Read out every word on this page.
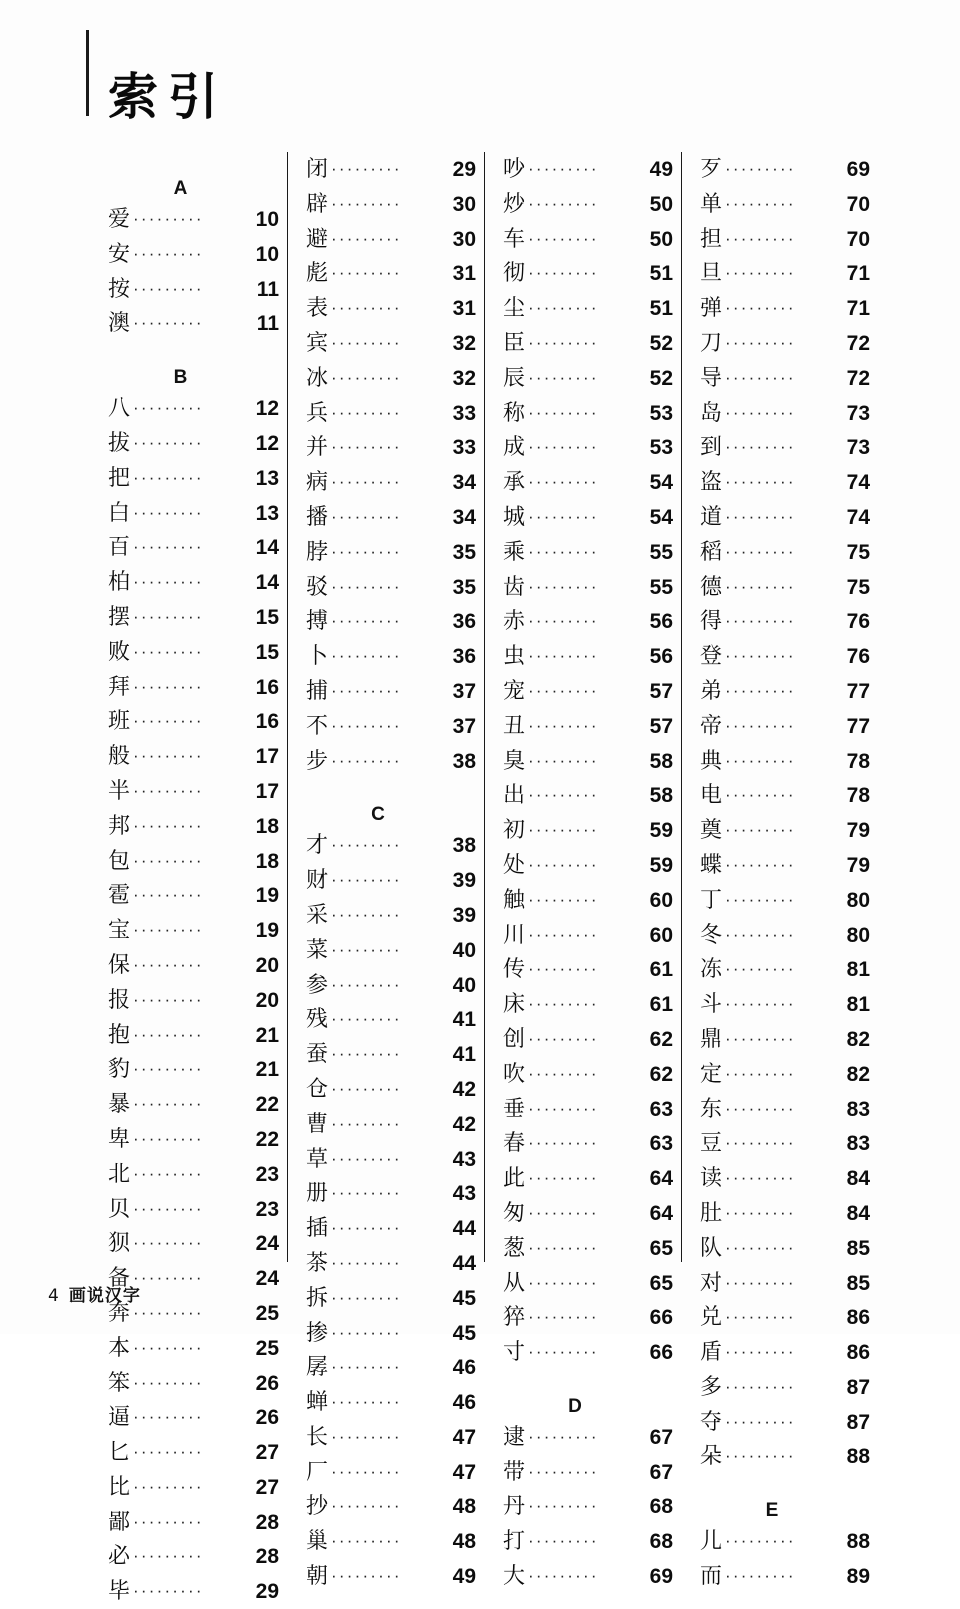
索引
A
爱 ·········	10
安 ·········	10
按 ·········	11
澳 ·········	11
B
八 ·········	12
拔 ·········	12
把 ·········	13
白 ·········	13
百 ·········	14
柏 ·········	14
摆 ·········	15
败 ·········	15
拜 ·········	16
班 ·········	16
般 ·········	17
半 ·········	17
邦 ·········	18
包 ·········	18
雹 ·········	19
宝 ·········	19
保 ·········	20
报 ·········	20
抱 ·········	21
豹 ·········	21
暴 ·········	22
卑 ·········	22
北 ·········	23
贝 ·········	23
狈 ·········	24
备 ·········	24
奔 ·········	25
本 ·········	25
笨 ·········	26
逼 ·········	26
匕 ·········	27
比 ·········	27
鄙 ·········	28
必 ·········	28
毕 ·········	29
闭 ·········	29
辟 ·········	30
避 ·········	30
彪 ·········	31
表 ·········	31
宾 ·········	32
冰 ·········	32
兵 ·········	33
并 ·········	33
病 ·········	34
播 ·········	34
脖 ·········	35
驳 ·········	35
搏 ·········	36
卜 ·········	36
捕 ·········	37
不 ·········	37
步 ·········	38
C
才 ·········	38
财 ·········	39
采 ·········	39
菜 ·········	40
参 ·········	40
残 ·········	41
蚕 ·········	41
仓 ·········	42
曹 ·········	42
草 ·········	43
册 ·········	43
插 ·········	44
茶 ·········	44
拆 ·········	45
掺 ·········	45
孱 ·········	46
蝉 ·········	46
长 ·········	47
厂 ·········	47
抄 ·········	48
巢 ·········	48
朝 ·········	49
吵 ·········	49
炒 ·········	50
车 ·········	50
彻 ·········	51
尘 ·········	51
臣 ·········	52
辰 ·········	52
称 ·········	53
成 ·········	53
承 ·········	54
城 ·········	54
乘 ·········	55
齿 ·········	55
赤 ·········	56
虫 ·········	56
宠 ·········	57
丑 ·········	57
臭 ·········	58
出 ·········	58
初 ·········	59
处 ·········	59
触 ·········	60
川 ·········	60
传 ·········	61
床 ·········	61
创 ·········	62
吹 ·········	62
垂 ·········	63
春 ·········	63
此 ·········	64
匆 ·········	64
葱 ·········	65
从 ·········	65
猝 ·········	66
寸 ·········	66
D
逮 ·········	67
带 ·········	67
丹 ·········	68
打 ·········	68
大 ·········	69
歹 ·········	69
单 ·········	70
担 ·········	70
旦 ·········	71
弹 ·········	71
刀 ·········	72
导 ·········	72
岛 ·········	73
到 ·········	73
盗 ·········	74
道 ·········	74
稻 ·········	75
德 ·········	75
得 ·········	76
登 ·········	76
弟 ·········	77
帝 ·········	77
典 ·········	78
电 ·········	78
奠 ·········	79
蝶 ·········	79
丁 ·········	80
冬 ·········	80
冻 ·········	81
斗 ·········	81
鼎 ·········	82
定 ·········	82
东 ·········	83
豆 ·········	83
读 ·········	84
肚 ·········	84
队 ·········	85
对 ·········	85
兑 ·········	86
盾 ·········	86
多 ·········	87
夺 ·········	87
朵 ·········	88
E
儿 ·········	88
而 ·········	89
4 画说汉字
